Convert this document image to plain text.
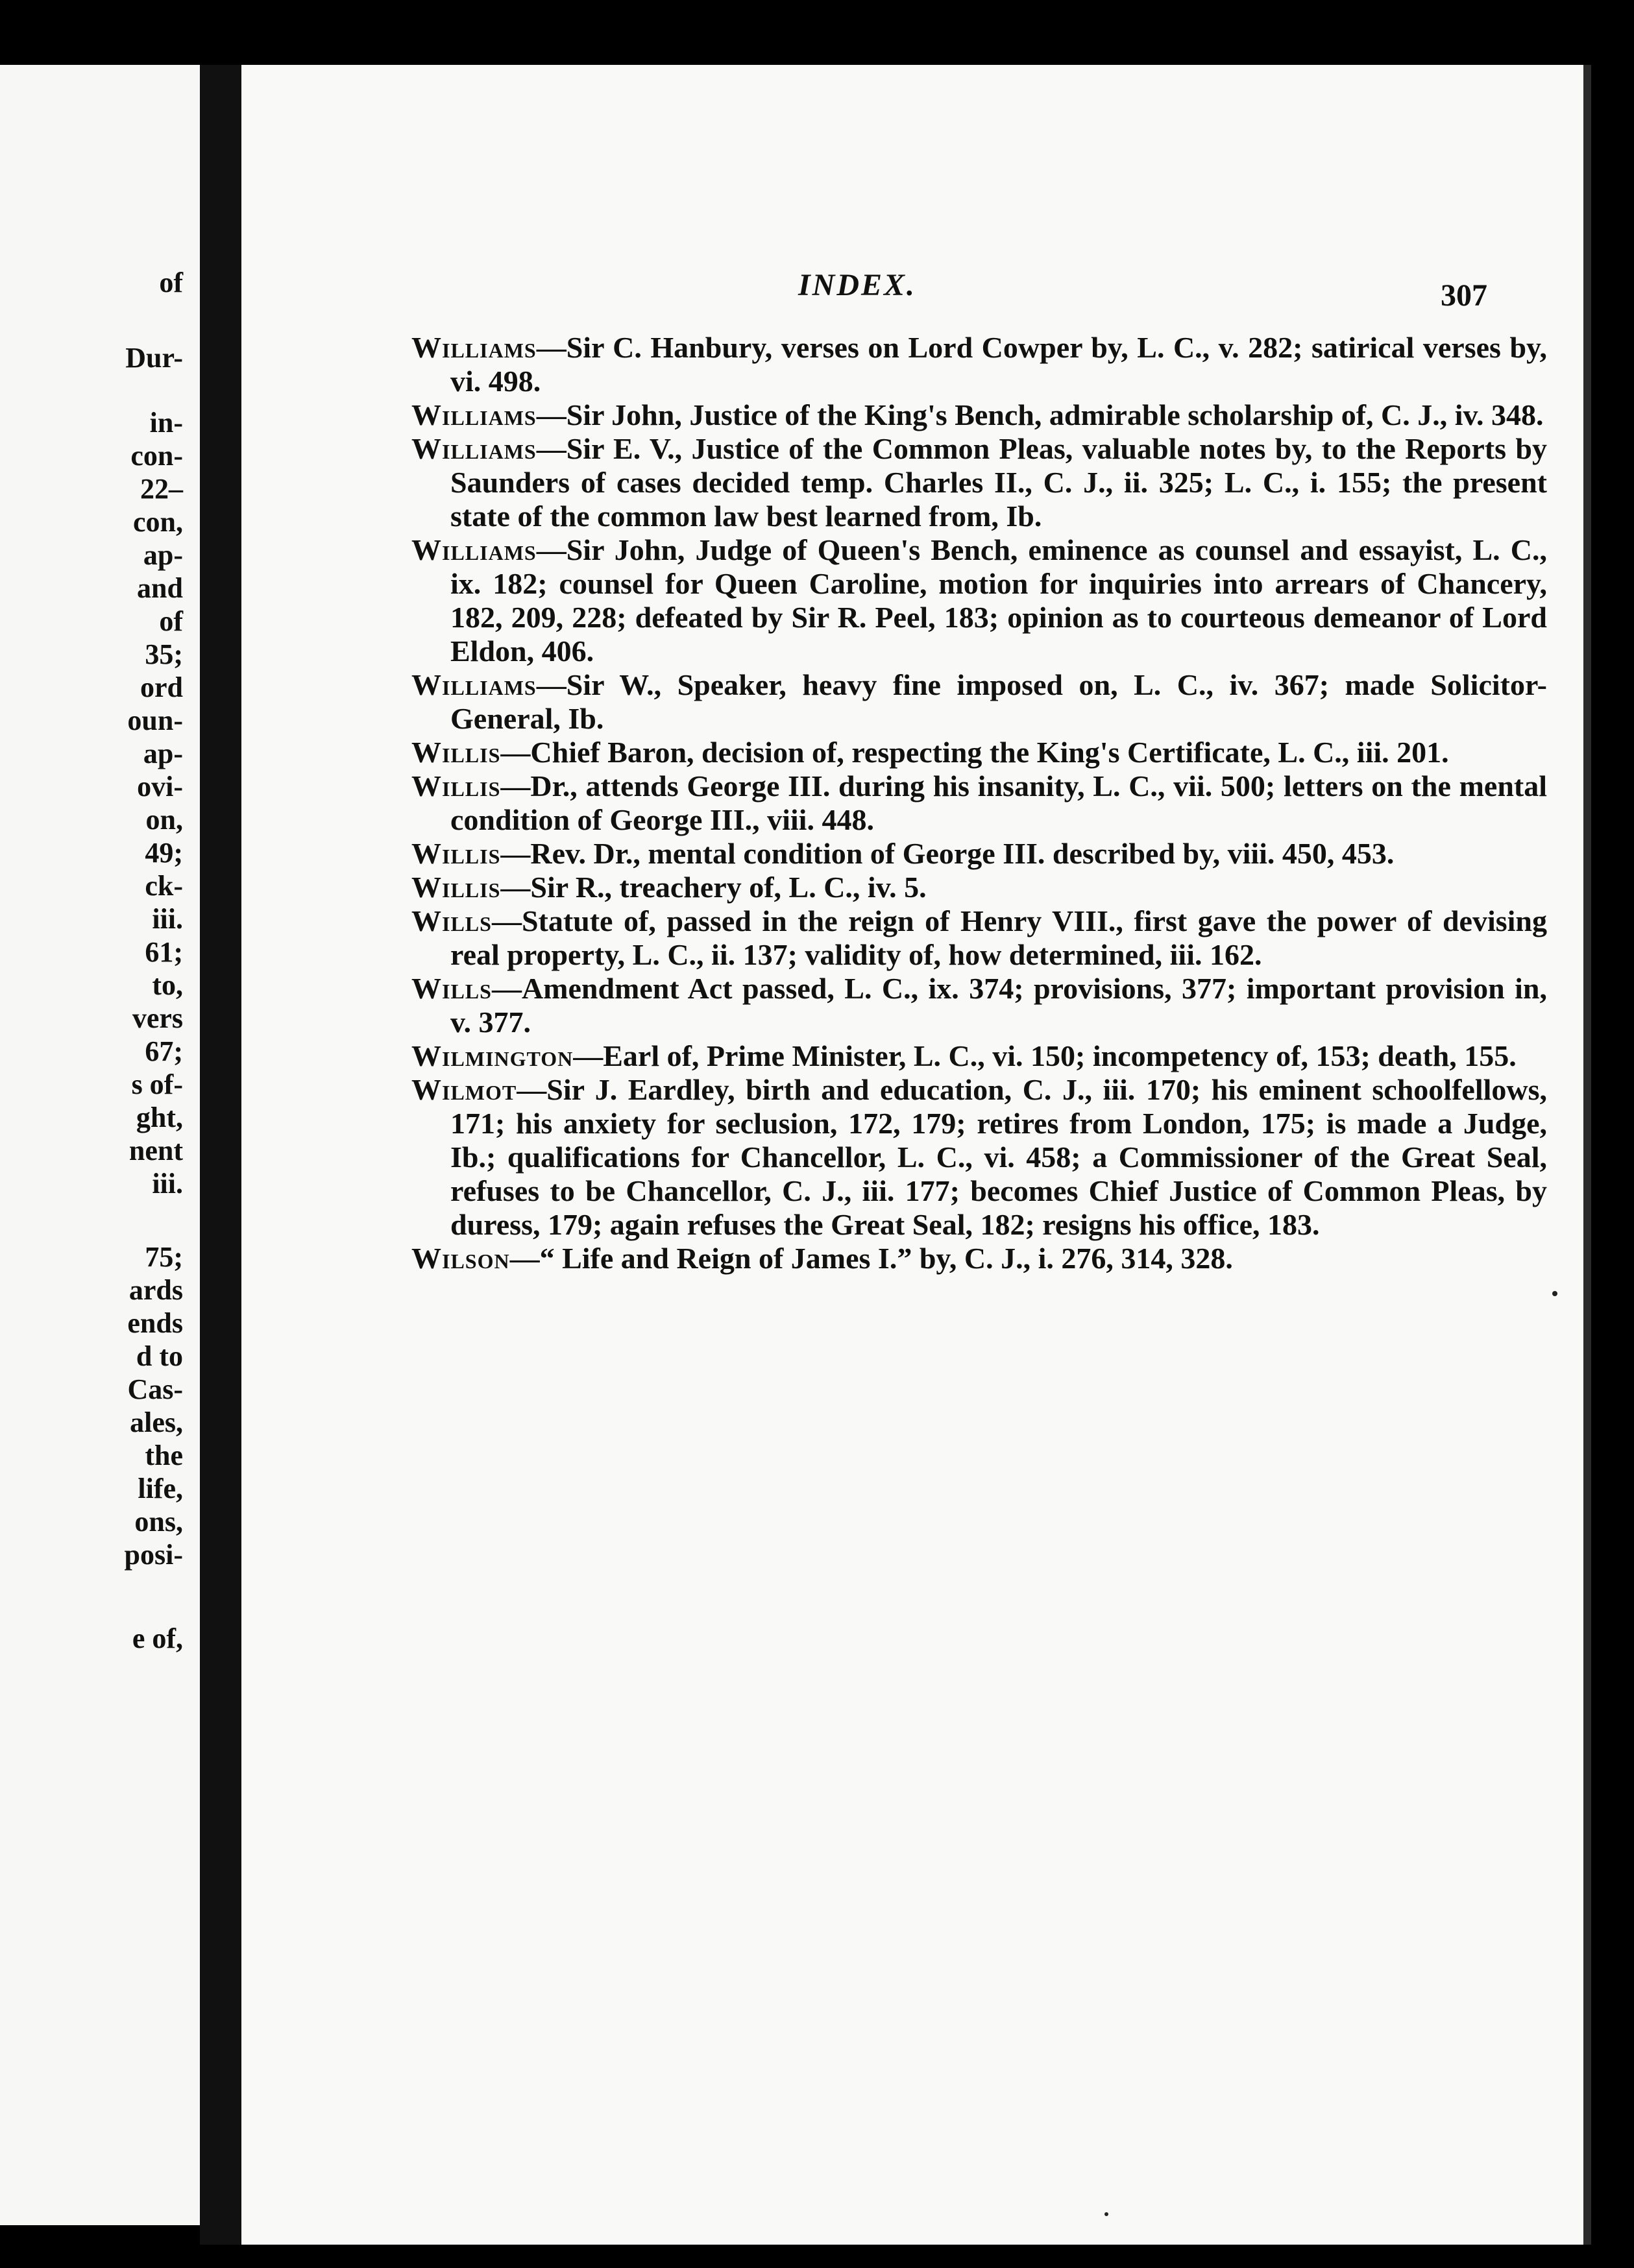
of
Dur-
in-
con-
22–
con,
ap-
and
of
35;
ord
oun-
ap-
ovi-
on,
49;
ck-
iii.
61;
to,
vers
67;
s of-
ght,
nent
iii.
75;
ards
ends
d to
Cas-
ales,
the
life,
ons,
posi-
e of,
INDEX.	307

Williams—Sir C. Hanbury, verses on Lord Cowper by, L. C., v. 282; satirical verses by, vi. 498.

Williams—Sir John, Justice of the King's Bench, admirable scholarship of, C. J., iv. 348.

Williams—Sir E. V., Justice of the Common Pleas, valuable notes by, to the Reports by Saunders of cases decided temp. Charles II., C. J., ii. 325; L. C., i. 155; the present state of the common law best learned from, Ib.

Williams—Sir John, Judge of Queen's Bench, eminence as counsel and essayist, L. C., ix. 182; counsel for Queen Caroline, motion for inquiries into arrears of Chancery, 182, 209, 228; defeated by Sir R. Peel, 183; opinion as to courteous demeanor of Lord Eldon, 406.

Williams—Sir W., Speaker, heavy fine imposed on, L. C., iv. 367; made Solicitor-General, Ib.

Willis—Chief Baron, decision of, respecting the King's Certificate, L. C., iii. 201.

Willis—Dr., attends George III. during his insanity, L. C., vii. 500; letters on the mental condition of George III., viii. 448.

Willis—Rev. Dr., mental condition of George III. described by, viii. 450, 453.

Willis—Sir R., treachery of, L. C., iv. 5.

Wills—Statute of, passed in the reign of Henry VIII., first gave the power of devising real property, L. C., ii. 137; validity of, how determined, iii. 162.

Wills—Amendment Act passed, L. C., ix. 374; provisions, 377; important provision in, v. 377.

Wilmington—Earl of, Prime Minister, L. C., vi. 150; incompetency of, 153; death, 155.

Wilmot—Sir J. Eardley, birth and education, C. J., iii. 170; his eminent schoolfellows, 171; his anxiety for seclusion, 172, 179; retires from London, 175; is made a Judge, Ib.; qualifications for Chancellor, L. C., vi. 458; a Commissioner of the Great Seal, refuses to be Chancellor, C. J., iii. 177; becomes Chief Justice of Common Pleas, by duress, 179; again refuses the Great Seal, 182; resigns his office, 183.

Wilson—“ Life and Reign of James I.” by, C. J., i. 276, 314, 328.
